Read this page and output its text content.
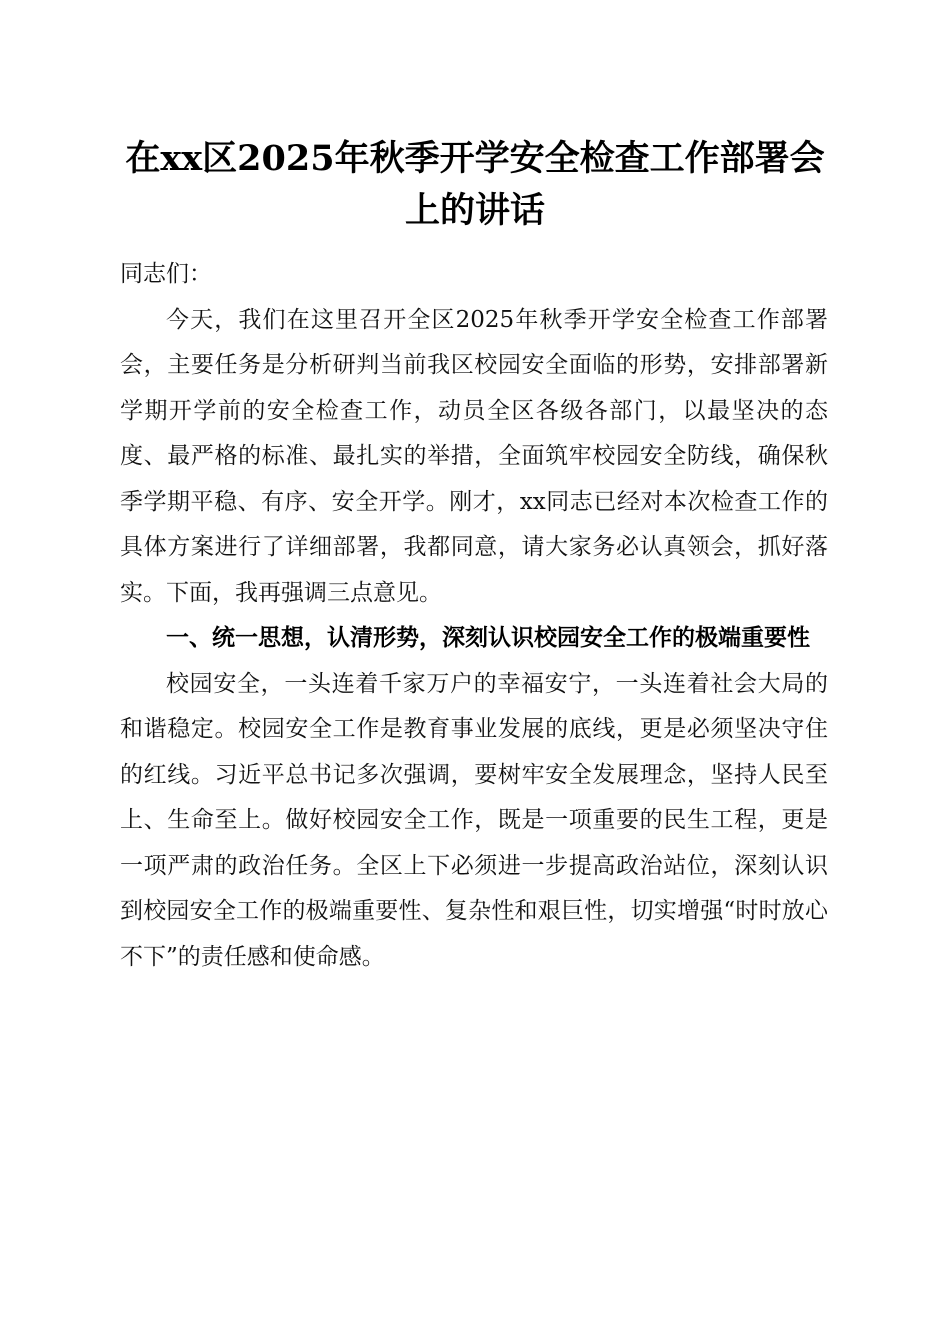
在xx区2025年秋季开学安全检查工作部署会上的讲话

同志们：

今天，我们在这里召开全区2025年秋季开学安全检查工作部署会，主要任务是分析研判当前我区校园安全面临的形势，安排部署新学期开学前的安全检查工作，动员全区各级各部门，以最坚决的态度、最严格的标准、最扎实的举措，全面筑牢校园安全防线，确保秋季学期平稳、有序、安全开学。刚才，xx同志已经对本次检查工作的具体方案进行了详细部署，我都同意，请大家务必认真领会，抓好落实。下面，我再强调三点意见。

一、统一思想，认清形势，深刻认识校园安全工作的极端重要性

校园安全，一头连着千家万户的幸福安宁，一头连着社会大局的和谐稳定。校园安全工作是教育事业发展的底线，更是必须坚决守住的红线。习近平总书记多次强调，要树牢安全发展理念，坚持人民至上、生命至上。做好校园安全工作，既是一项重要的民生工程，更是一项严肃的政治任务。全区上下必须进一步提高政治站位，深刻认识到校园安全工作的极端重要性、复杂性和艰巨性，切实增强“时时放心不下”的责任感和使命感。
